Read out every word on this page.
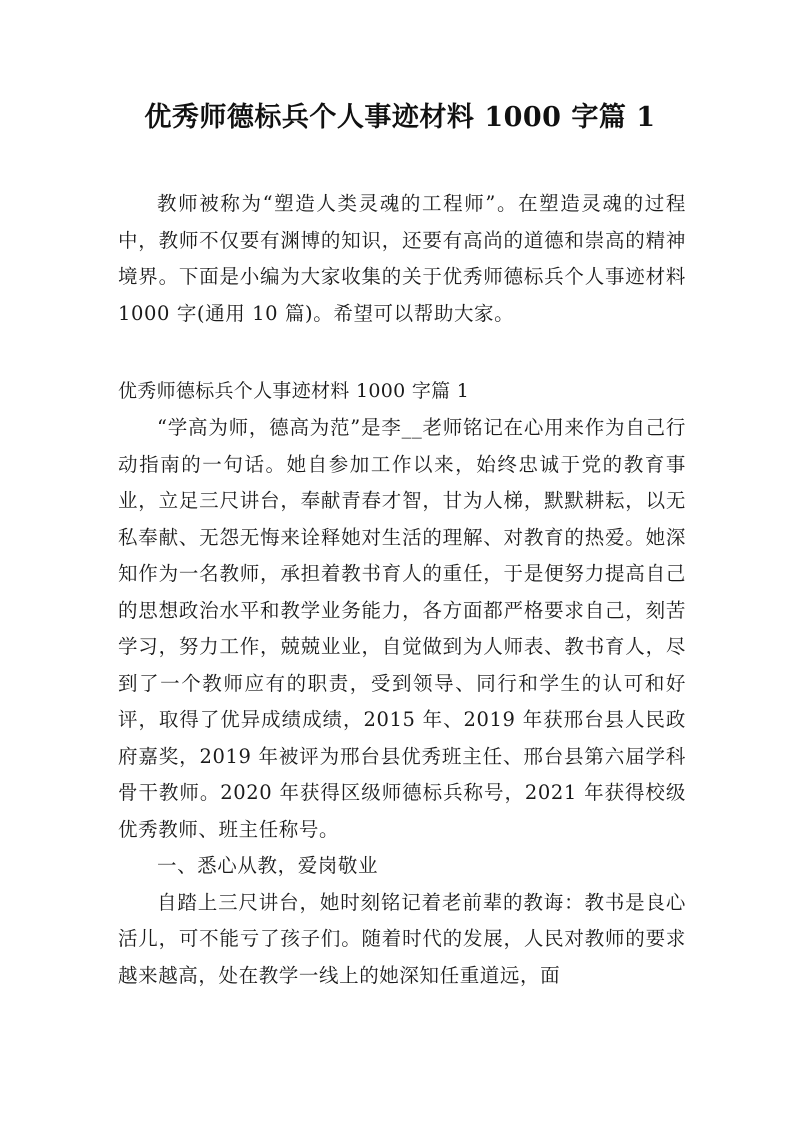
优秀师德标兵个人事迹材料 1000 字篇 1
教师被称为“塑造人类灵魂的工程师”。在塑造灵魂的过程中，教师不仅要有渊博的知识，还要有高尚的道德和崇高的精神境界。下面是小编为大家收集的关于优秀师德标兵个人事迹材料 1000 字(通用 10 篇)。希望可以帮助大家。
优秀师德标兵个人事迹材料 1000 字篇 1

“学高为师，德高为范”是李__老师铭记在心用来作为自己行动指南的一句话。她自参加工作以来，始终忠诚于党的教育事业，立足三尺讲台，奉献青春才智，甘为人梯，默默耕耘，以无私奉献、无怨无悔来诠释她对生活的理解、对教育的热爱。她深知作为一名教师，承担着教书育人的重任，于是便努力提高自己的思想政治水平和教学业务能力，各方面都严格要求自己，刻苦学习，努力工作，兢兢业业，自觉做到为人师表、教书育人，尽到了一个教师应有的职责，受到领导、同行和学生的认可和好评，取得了优异成绩成绩，2015 年、2019 年获邢台县人民政府嘉奖，2019 年被评为邢台县优秀班主任、邢台县第六届学科骨干教师。2020 年获得区级师德标兵称号，2021 年获得校级优秀教师、班主任称号。

一、悉心从教，爱岗敬业

自踏上三尺讲台，她时刻铭记着老前辈的教诲：教书是良心活儿，可不能亏了孩子们。随着时代的发展，人民对教师的要求越来越高，处在教学一线上的她深知任重道远，面
